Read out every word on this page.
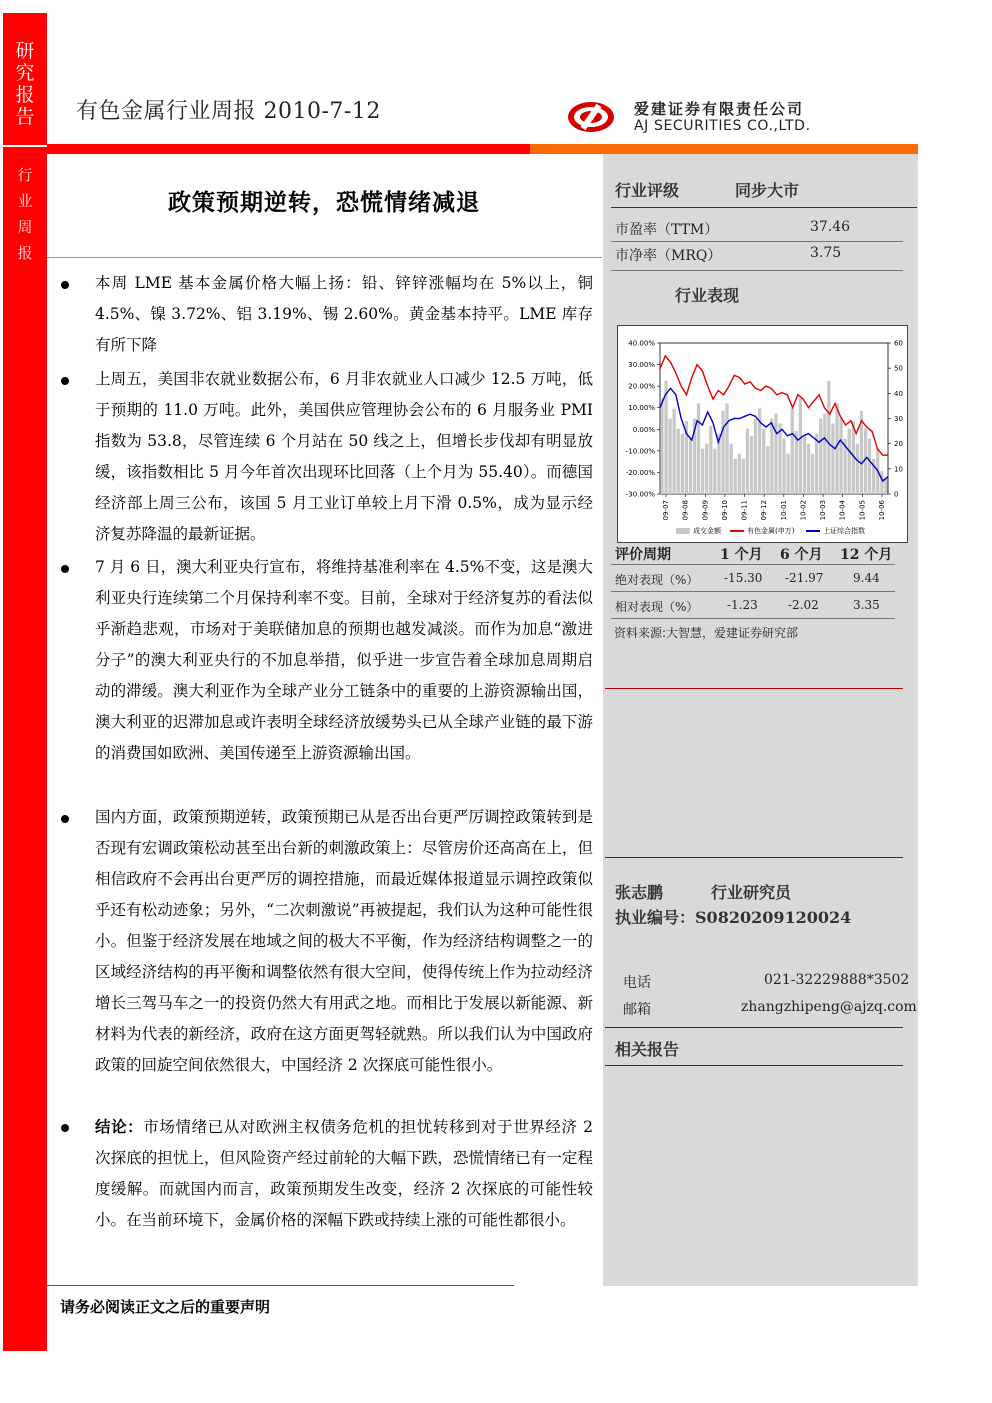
研
究
报
告
行
业
周
报
有色金属行业周报 2010-7-12	爱建证券有限责任公司
AJ SECURITIES CO.,LTD.
政策预期逆转，恐慌情绪减退
本周 LME 基本金属价格大幅上扬：铅、锌锌涨幅均在 5%以上，铜 4.5%、镍 3.72%、铝 3.19%、锡 2.60%。黄金基本持平。LME 库存有所下降
上周五，美国非农就业数据公布，6 月非农就业人口减少 12.5 万吨，低于预期的 11.0 万吨。此外，美国供应管理协会公布的 6 月服务业 PMI 指数为 53.8，尽管连续 6 个月站在 50 线之上，但增长步伐却有明显放缓，该指数相比 5 月今年首次出现环比回落（上个月为 55.40）。而德国经济部上周三公布，该国 5 月工业订单较上月下滑 0.5%，成为显示经济复苏降温的最新证据。
7 月 6 日，澳大利亚央行宣布，将维持基准利率在 4.5%不变，这是澳大利亚央行连续第二个月保持利率不变。目前，全球对于经济复苏的看法似乎渐趋悲观，市场对于美联储加息的预期也越发减淡。而作为加息“激进分子”的澳大利亚央行的不加息举措，似乎进一步宣告着全球加息周期启动的滞缓。澳大利亚作为全球产业分工链条中的重要的上游资源输出国，澳大利亚的迟滞加息或许表明全球经济放缓势头已从全球产业链的最下游的消费国如欧洲、美国传递至上游资源输出国。
国内方面，政策预期逆转，政策预期已从是否出台更严厉调控政策转到是否现有宏调政策松动甚至出台新的刺激政策上：尽管房价还高高在上，但相信政府不会再出台更严厉的调控措施，而最近媒体报道显示调控政策似乎还有松动迹象；另外，“二次刺激说”再被提起，我们认为这种可能性很小。但鉴于经济发展在地域之间的极大不平衡，作为经济结构调整之一的区域经济结构的再平衡和调整依然有很大空间，使得传统上作为拉动经济增长三驾马车之一的投资仍然大有用武之地。而相比于发展以新能源、新材料为代表的新经济，政府在这方面更驾轻就熟。所以我们认为中国政府政策的回旋空间依然很大，中国经济 2 次探底可能性很小。
结论：市场情绪已从对欧洲主权债务危机的担忧转移到对于世界经济 2 次探底的担忧上，但风险资产经过前轮的大幅下跌，恐慌情绪已有一定程度缓解。而就国内而言，政策预期发生改变，经济 2 次探底的可能性较小。在当前环境下，金属价格的深幅下跌或持续上涨的可能性都很小。
请务必阅读正文之后的重要声明
行业评级	同步大市
市盈率（TTM）	37.46
市净率（MRQ）	3.75
行业表现
40.00%
30.00%
20.00%
10.00%
0.00%
-10.00%
-20.00%
-30.00%
60
50
40
30
20
10
0
09-07 09-08 09-09 09-10 09-11 09-12 10-01 10-02 10-03 10-04 10-05 10-06
成交金额	有色金属(申万)	上证综合指数
评价周期	1 个月 6 个月 12 个月
绝对表现（%） -15.30 -21.97 9.44
相对表现（%） -1.23	-2.02	3.35
资料来源:大智慧，爱建证券研究部
张志鹏	行业研究员
执业编号：S0820209120024
电话	021-32229888*3502
邮箱	zhangzhipeng@ajzq.com
相关报告
